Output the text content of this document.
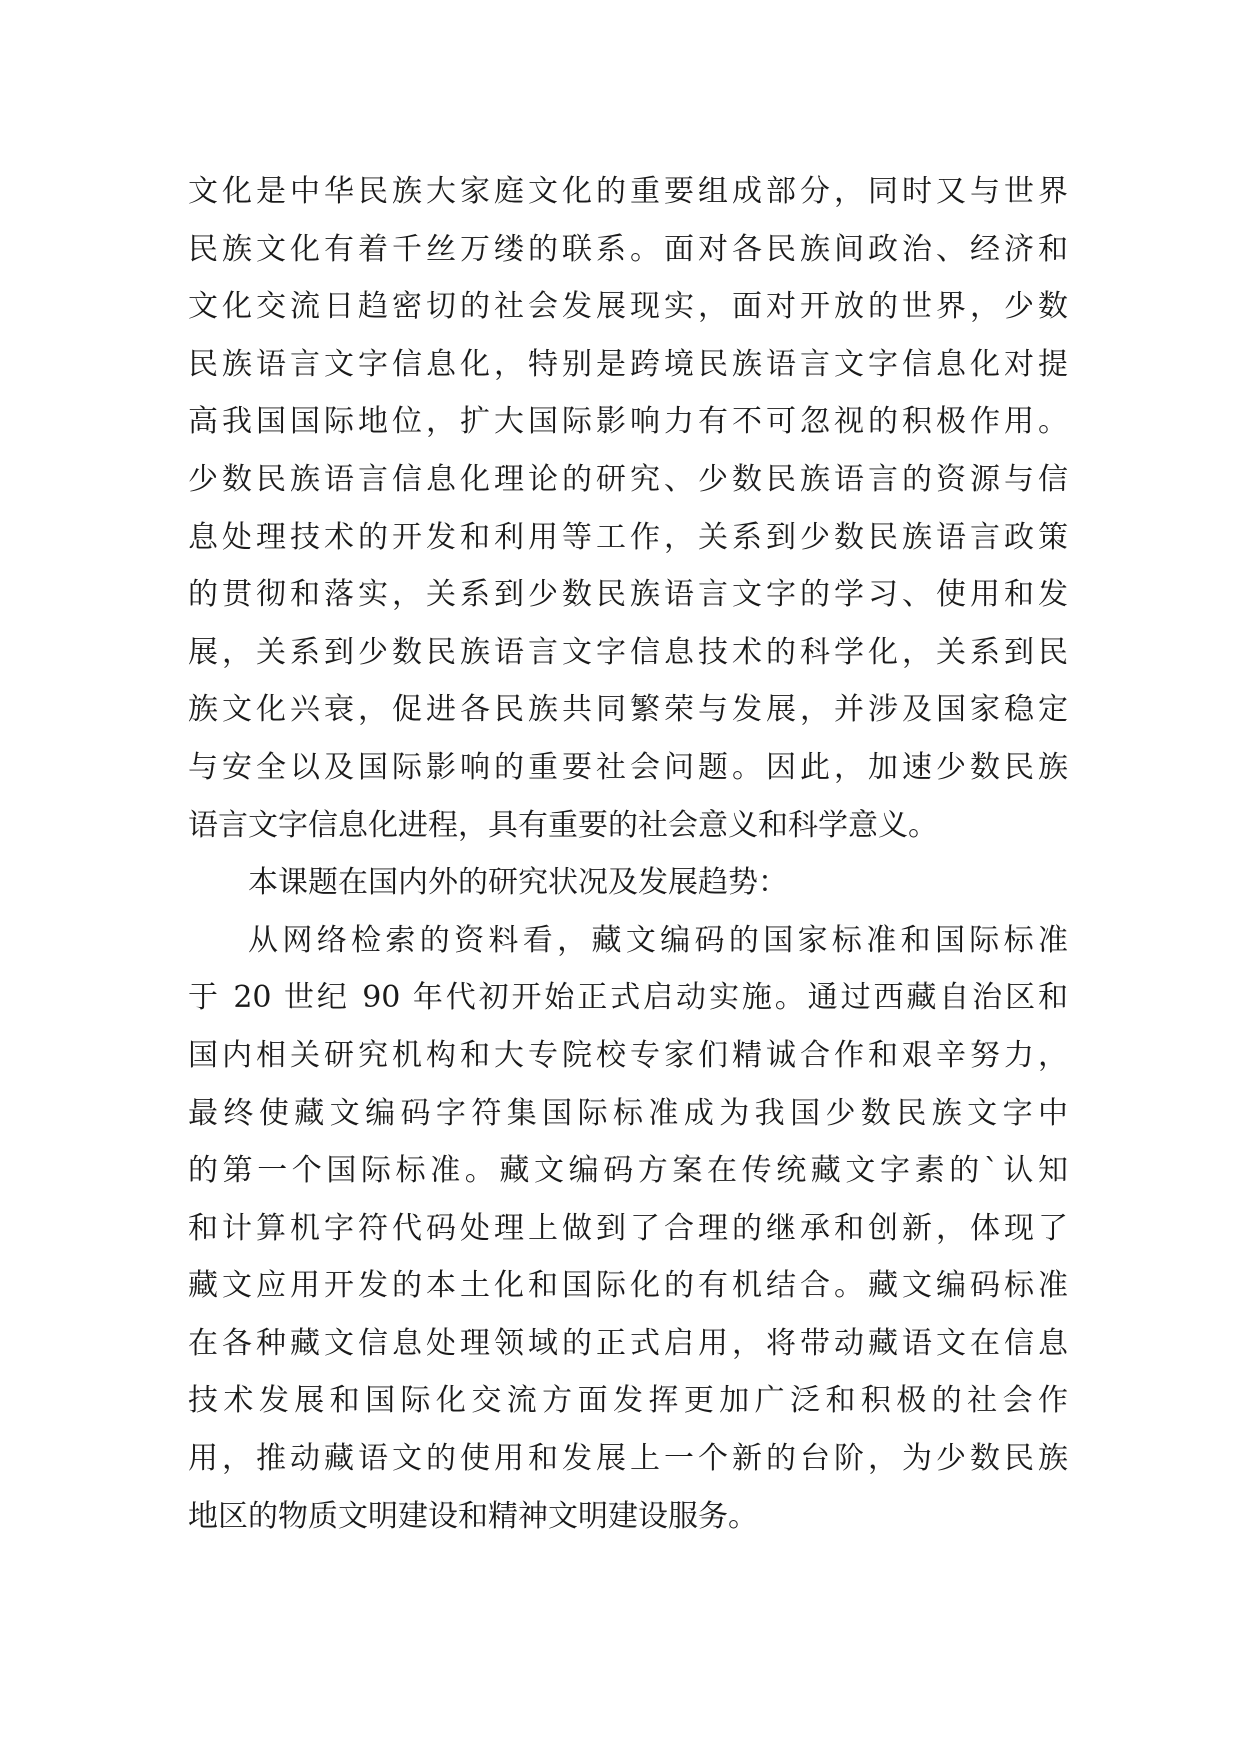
文化是中华民族大家庭文化的重要组成部分，同时又与世界
民族文化有着千丝万缕的联系。面对各民族间政治、经济和
文化交流日趋密切的社会发展现实，面对开放的世界，少数
民族语言文字信息化，特别是跨境民族语言文字信息化对提
高我国国际地位，扩大国际影响力有不可忽视的积极作用。
少数民族语言信息化理论的研究、少数民族语言的资源与信
息处理技术的开发和利用等工作，关系到少数民族语言政策
的贯彻和落实，关系到少数民族语言文字的学习、使用和发
展，关系到少数民族语言文字信息技术的科学化，关系到民
族文化兴衰，促进各民族共同繁荣与发展，并涉及国家稳定
与安全以及国际影响的重要社会问题。因此，加速少数民族
语言文字信息化进程，具有重要的社会意义和科学意义。
本课题在国内外的研究状况及发展趋势：
从网络检索的资料看，藏文编码的国家标准和国际标准
于 20 世纪 90 年代初开始正式启动实施。通过西藏自治区和
国内相关研究机构和大专院校专家们精诚合作和艰辛努力，
最终使藏文编码字符集国际标准成为我国少数民族文字中
的第一个国际标准。藏文编码方案在传统藏文字素的`认知
和计算机字符代码处理上做到了合理的继承和创新，体现了
藏文应用开发的本土化和国际化的有机结合。藏文编码标准
在各种藏文信息处理领域的正式启用，将带动藏语文在信息
技术发展和国际化交流方面发挥更加广泛和积极的社会作
用，推动藏语文的使用和发展上一个新的台阶，为少数民族
地区的物质文明建设和精神文明建设服务。
